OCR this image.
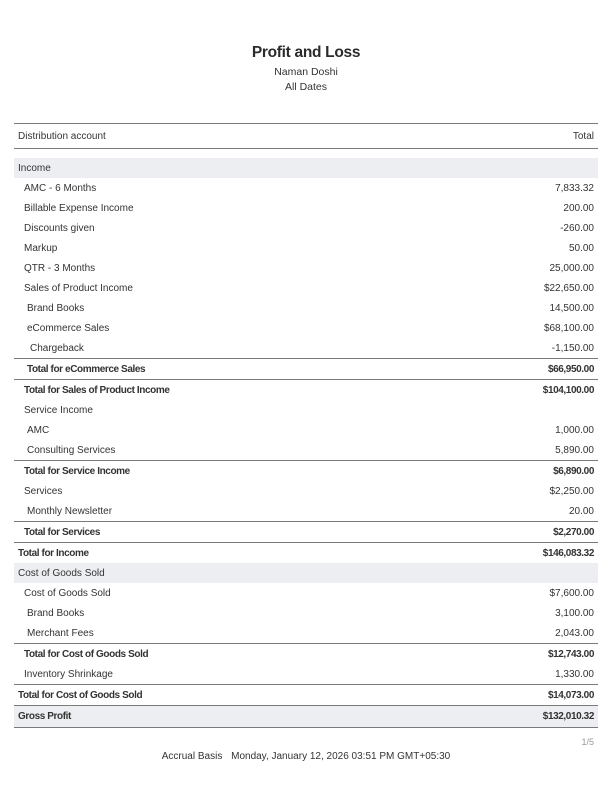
Profit and Loss
Naman Doshi
All Dates
Distribution account	Total
Income
AMC - 6 Months	7,833.32
Billable Expense Income	200.00
Discounts given	-260.00
Markup	50.00
QTR - 3 Months	25,000.00
Sales of Product Income	$22,650.00
Brand Books	14,500.00
eCommerce Sales	$68,100.00
Chargeback	-1,150.00
Total for eCommerce Sales	$66,950.00
Total for Sales of Product Income	$104,100.00
Service Income
AMC	1,000.00
Consulting Services	5,890.00
Total for Service Income	$6,890.00
Services	$2,250.00
Monthly Newsletter	20.00
Total for Services	$2,270.00
Total for Income	$146,083.32
Cost of Goods Sold
Cost of Goods Sold	$7,600.00
Brand Books	3,100.00
Merchant Fees	2,043.00
Total for Cost of Goods Sold	$12,743.00
Inventory Shrinkage	1,330.00
Total for Cost of Goods Sold	$14,073.00
Gross Profit	$132,010.32
1/5
Accrual Basis Monday, January 12, 2026 03:51 PM GMT+05:30
